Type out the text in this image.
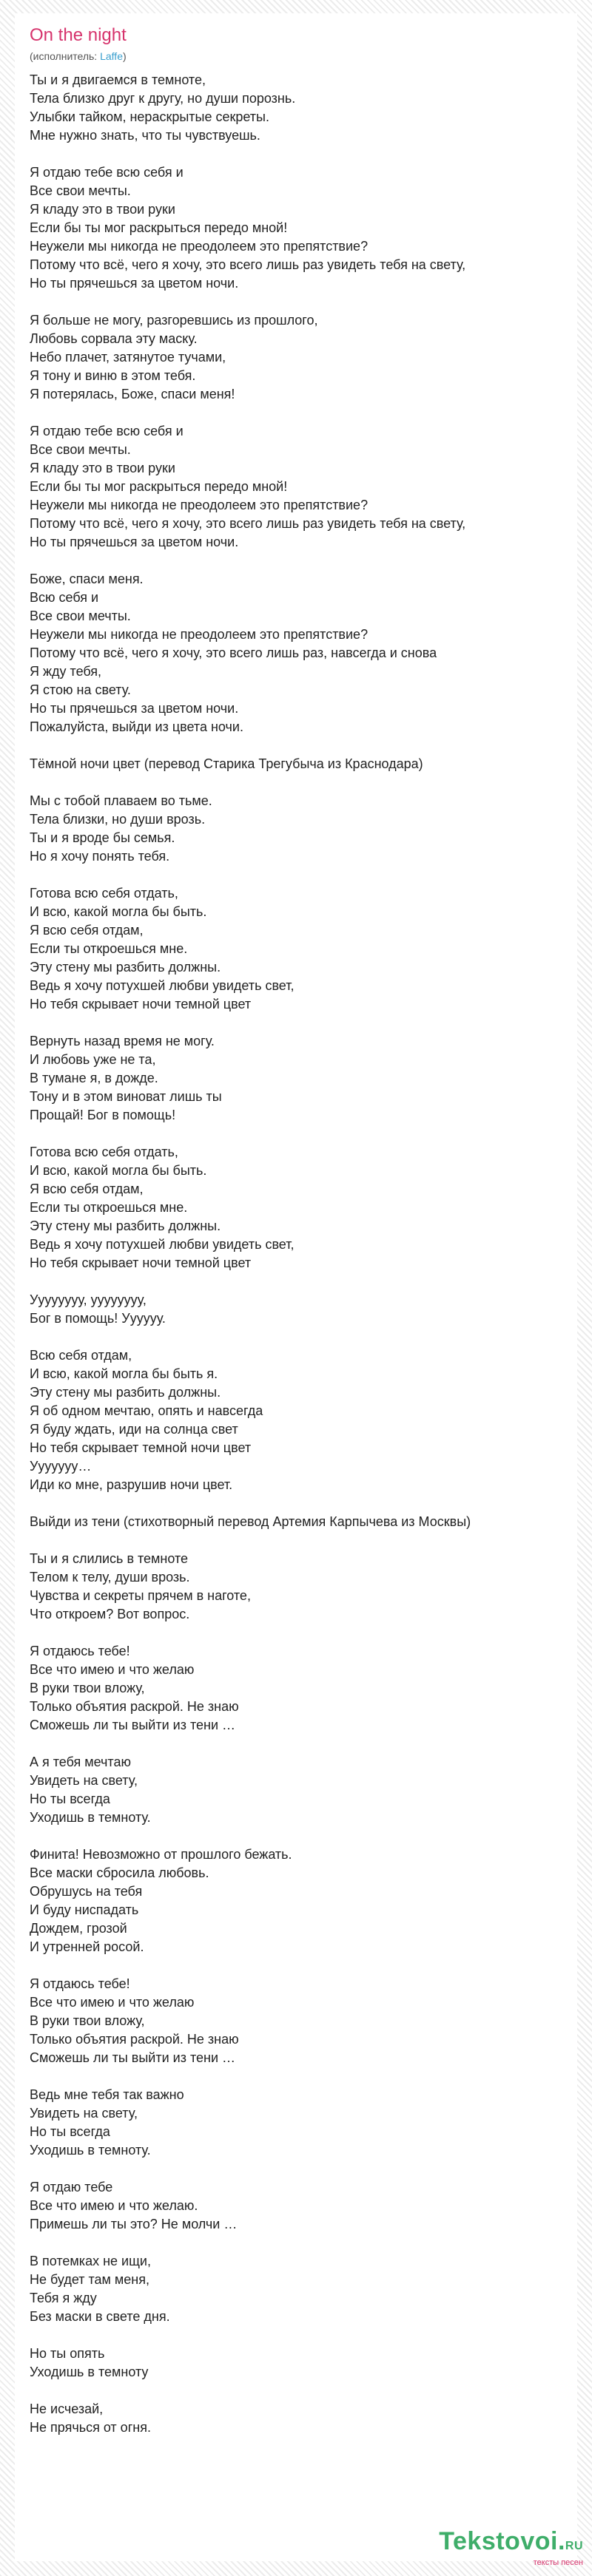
On the night
(исполнитель: Laffe)
Ты и я двигаемся в темноте,
Тела близко друг к другу, но души порознь.
Улыбки тайком, нераскрытые секреты.
Мне нужно знать, что ты чувствуешь.
Я отдаю тебе всю себя и
Все свои мечты.
Я кладу это в твои руки
Если бы ты мог раскрыться передо мной!
Неужели мы никогда не преодолеем это препятствие?
Потому что всё, чего я хочу, это всего лишь раз увидеть тебя на свету,
Но ты прячешься за цветом ночи.
Я больше не могу, разгоревшись из прошлого,
Любовь сорвала эту маску.
Небо плачет, затянутое тучами,
Я тону и виню в этом тебя.
Я потерялась, Боже, спаси меня!
Я отдаю тебе всю себя и
Все свои мечты.
Я кладу это в твои руки
Если бы ты мог раскрыться передо мной!
Неужели мы никогда не преодолеем это препятствие?
Потому что всё, чего я хочу, это всего лишь раз увидеть тебя на свету,
Но ты прячешься за цветом ночи.
Боже, спаси меня.
Всю себя и
Все свои мечты.
Неужели мы никогда не преодолеем это препятствие?
Потому что всё, чего я хочу, это всего лишь раз, навсегда и снова
Я жду тебя,
Я стою на свету.
Но ты прячешься за цветом ночи.
Пожалуйста, выйди из цвета ночи.
Тёмной ночи цвет (перевод Старика Трегубыча из Краснодара)
Мы с тобой плаваем во тьме.
Тела близки, но души врозь.
Ты и я вроде бы семья.
Но я хочу понять тебя.
Готова всю себя отдать,
И всю, какой могла бы быть.
Я всю себя отдам,
Если ты откроешься мне.
Эту стену мы разбить должны.
Ведь я хочу потухшей любви увидеть свет,
Но тебя скрывает ночи темной цвет
Вернуть назад время не могу.
И любовь уже не та,
В тумане я, в дожде.
Тону и в этом виноват лишь ты
Прощай! Бог в помощь!
Готова всю себя отдать,
И всю, какой могла бы быть.
Я всю себя отдам,
Если ты откроешься мне.
Эту стену мы разбить должны.
Ведь я хочу потухшей любви увидеть свет,
Но тебя скрывает ночи темной цвет
Уууууууу, уууууууу,
Бог в помощь! Уууууу.
Всю себя отдам,
И всю, какой могла бы быть я.
Эту стену мы разбить должны.
Я об одном мечтаю, опять и навсегда
Я буду ждать, иди на солнца свет
Но тебя скрывает темной ночи цвет
Ууууууу…
Иди ко мне, разрушив ночи цвет.
Выйди из тени (стихотворный перевод Артемия Карпычева из Москвы)
Ты и я слились в темноте
Телом к телу, души врозь.
Чувства и секреты прячем в наготе,
Что откроем? Вот вопрос.
Я отдаюсь тебе!
Все что имею и что желаю
В руки твои вложу,
Только объятия раскрой. Не знаю
Сможешь ли ты выйти из тени …
А я тебя мечтаю
Увидеть на свету,
Но ты всегда
Уходишь в темноту.
Финита! Невозможно от прошлого бежать.
Все маски сбросила любовь.
Обрушусь на тебя
И буду ниспадать
Дождем, грозой
И утренней росой.
Я отдаюсь тебе!
Все что имею и что желаю
В руки твои вложу,
Только объятия раскрой. Не знаю
Сможешь ли ты выйти из тени …
Ведь мне тебя так важно
Увидеть на свету,
Но ты всегда
Уходишь в темноту.
Я отдаю тебе
Все что имею и что желаю.
Примешь ли ты это? Не молчи …
В потемках не ищи,
Не будет там меня,
Тебя я жду
Без маски в свете дня.
Но ты опять
Уходишь в темноту
Не исчезай,
Не прячься от огня.
Tekstovoi.RU
тексты песен
